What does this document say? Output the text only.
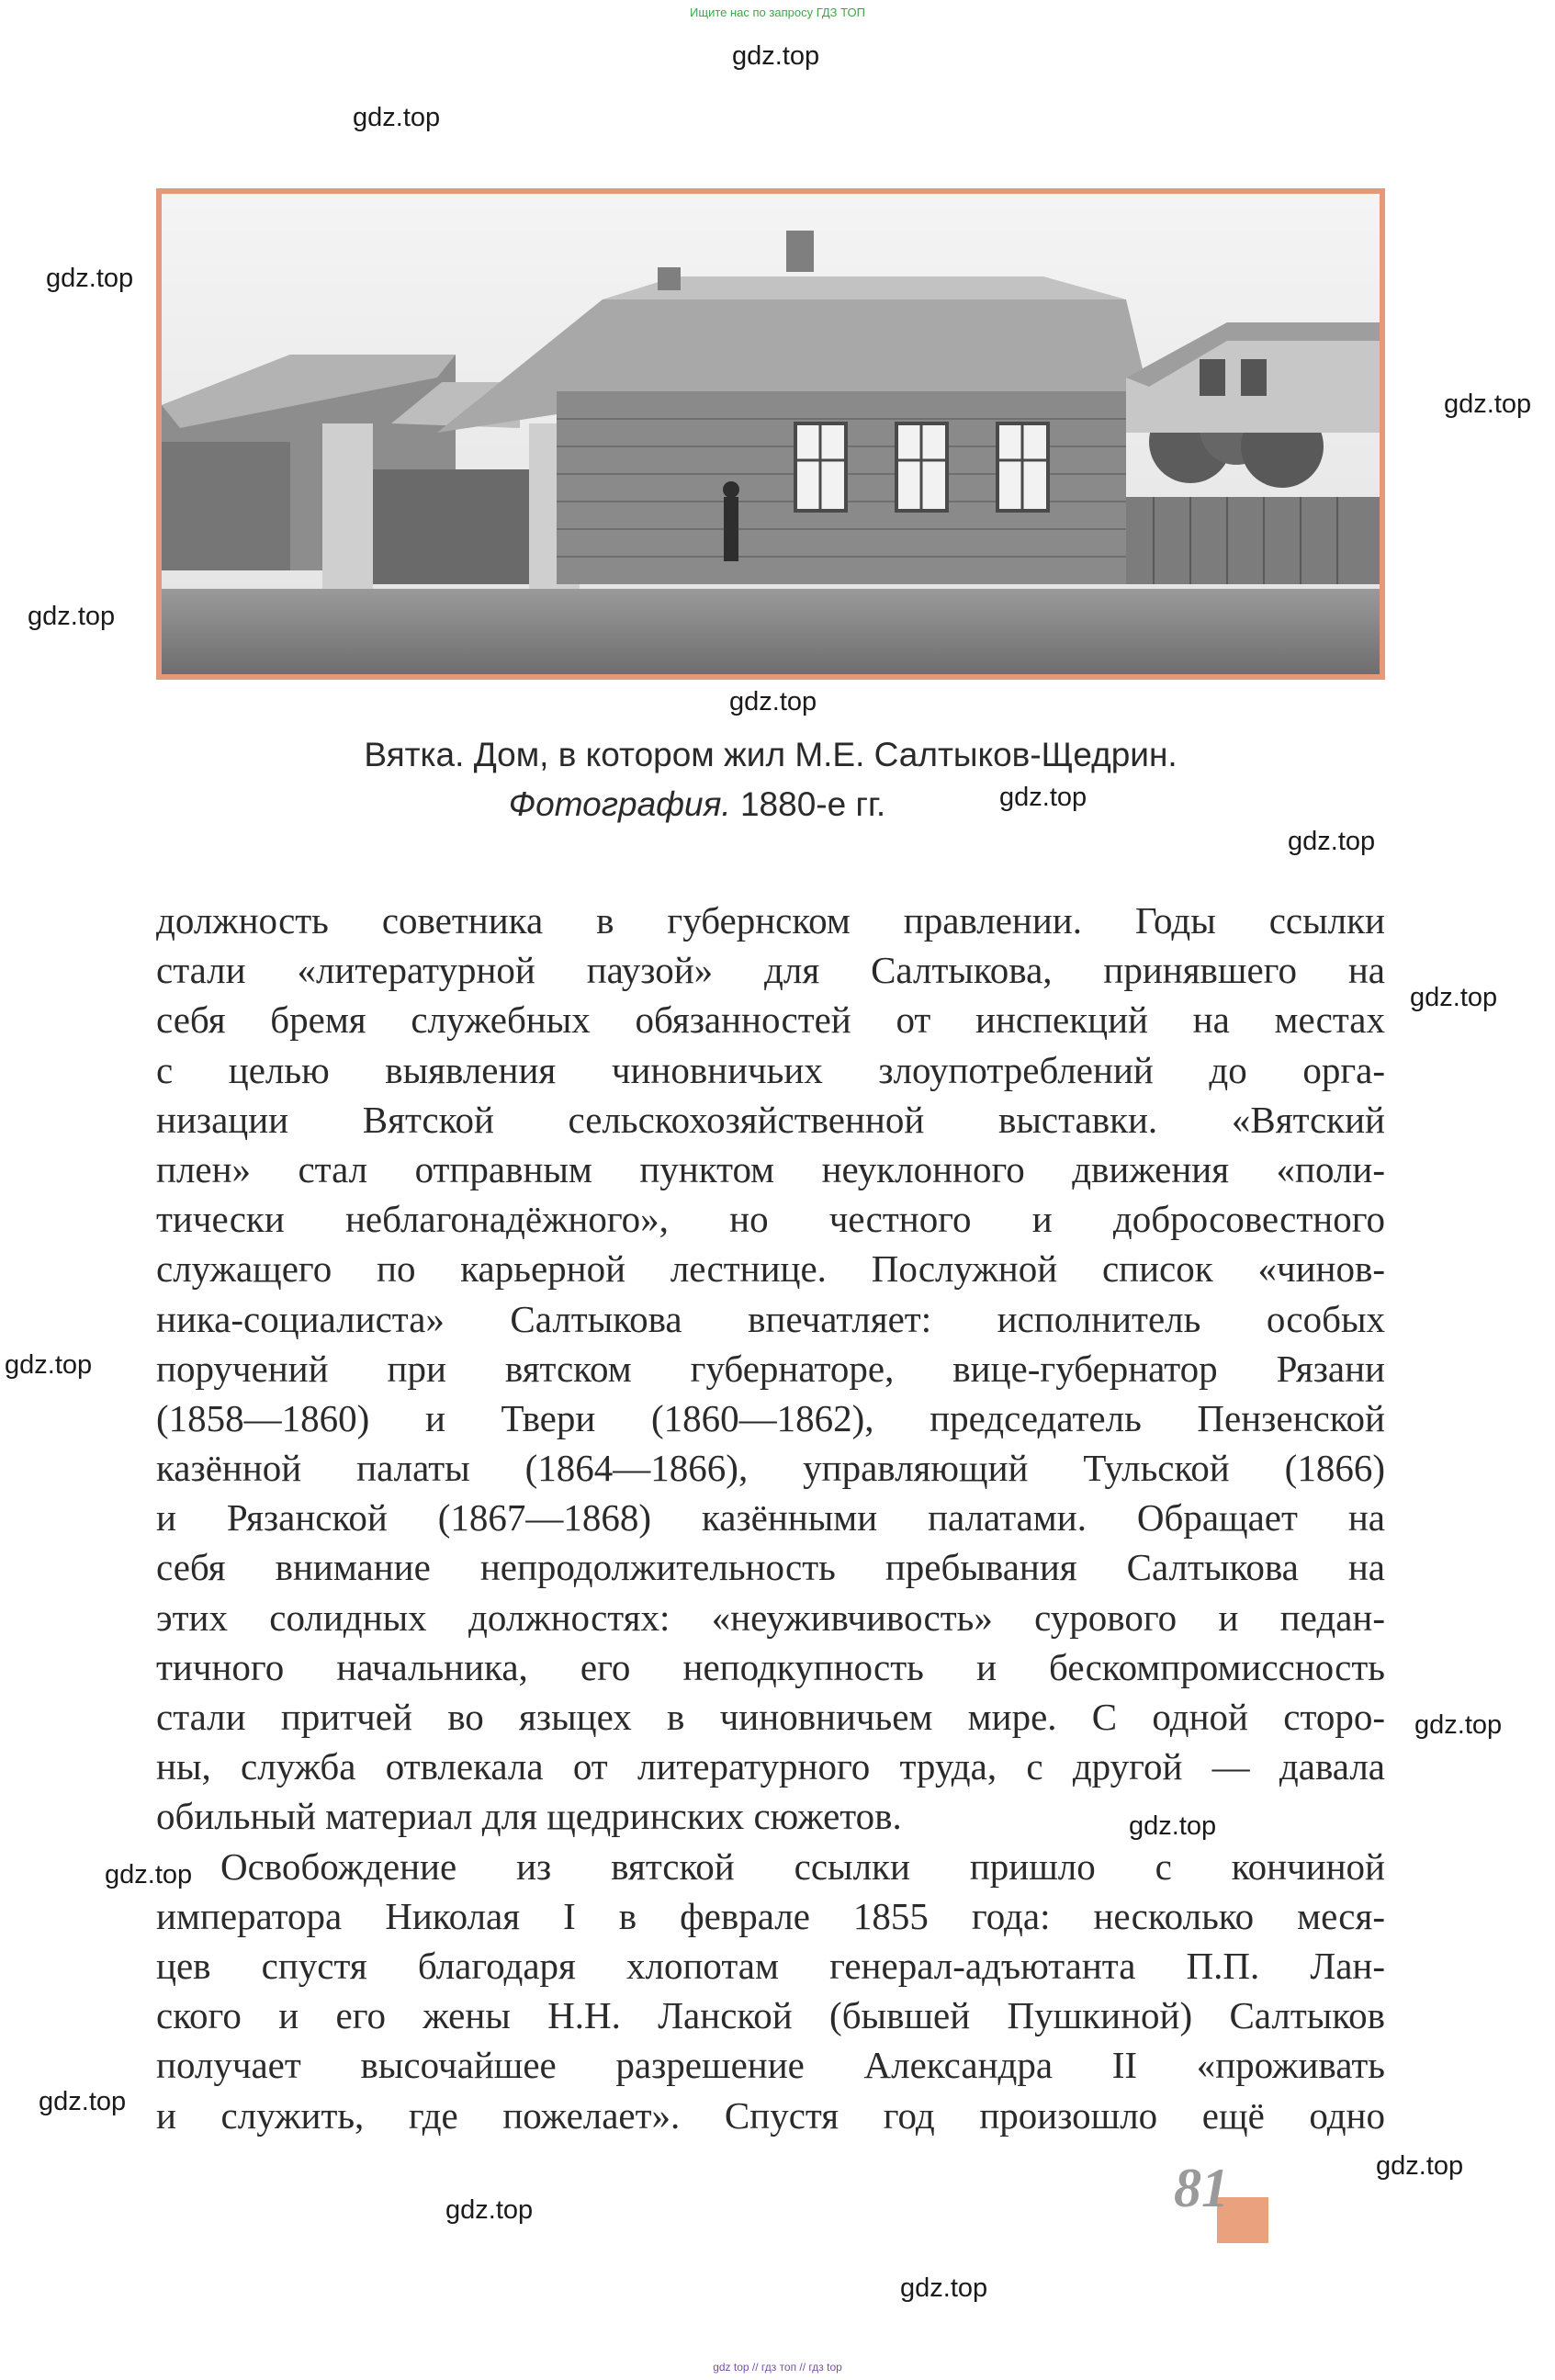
Ищите нас по запросу ГДЗ ТОП
gdz.top
gdz.top
gdz.top
gdz.top
gdz.top
gdz.top
gdz.top
gdz.top
gdz.top
gdz.top
gdz.top
gdz.top
gdz.top
gdz.top
gdz.top
gdz.top
gdz.top
Вятка. Дом, в котором жил М.Е. Салтыков-Щедрин.
Фотография. 1880-е гг.
должность советника в губернском правлении. Годы ссылки
стали «литературной паузой» для Салтыкова, принявшего на
себя бремя служебных обязанностей от инспекций на местах
с целью выявления чиновничьих злоупотреблений до орга-
низации Вятской сельскохозяйственной выставки. «Вятский
плен» стал отправным пунктом неуклонного движения «поли-
тически неблагонадёжного», но честного и добросовестного
служащего по карьерной лестнице. Послужной список «чинов-
ника-социалиста» Салтыкова впечатляет: исполнитель особых
поручений при вятском губернаторе, вице-губернатор Рязани
(1858—1860) и Твери (1860—1862), председатель Пензенской
казённой палаты (1864—1866), управляющий Тульской (1866)
и Рязанской (1867—1868) казёнными палатами. Обращает на
себя внимание непродолжительность пребывания Салтыкова на
этих солидных должностях: «неуживчивость» сурового и педан-
тичного начальника, его неподкупность и бескомпромиссность
стали притчей во языцех в чиновничьем мире. С одной сторо-
ны, служба отвлекала от литературного труда, с другой — давала
обильный материал для щедринских сюжетов.
Освобождение из вятской ссылки пришло с кончиной
императора Николая I в феврале 1855 года: несколько меся-
цев спустя благодаря хлопотам генерал-адъютанта П.П. Лан-
ского и его жены Н.Н. Ланской (бывшей Пушкиной) Салтыков
получает высочайшее разрешение Александра II «проживать
и служить, где пожелает». Спустя год произошло ещё одно
81
gdz top // гдз топ // гдз top
